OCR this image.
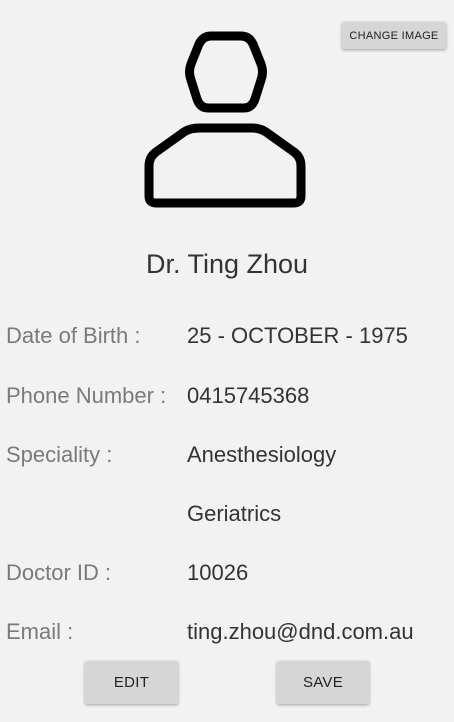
CHANGE IMAGE
Dr. Ting Zhou
Date of Birth : 25 - OCTOBER - 1975
Phone Number : 0415745368
Speciality :	Anesthesiology
Geriatrics
Doctor ID :	10026
Email :	ting.zhou@dnd.com.au
EDIT	SAVE
